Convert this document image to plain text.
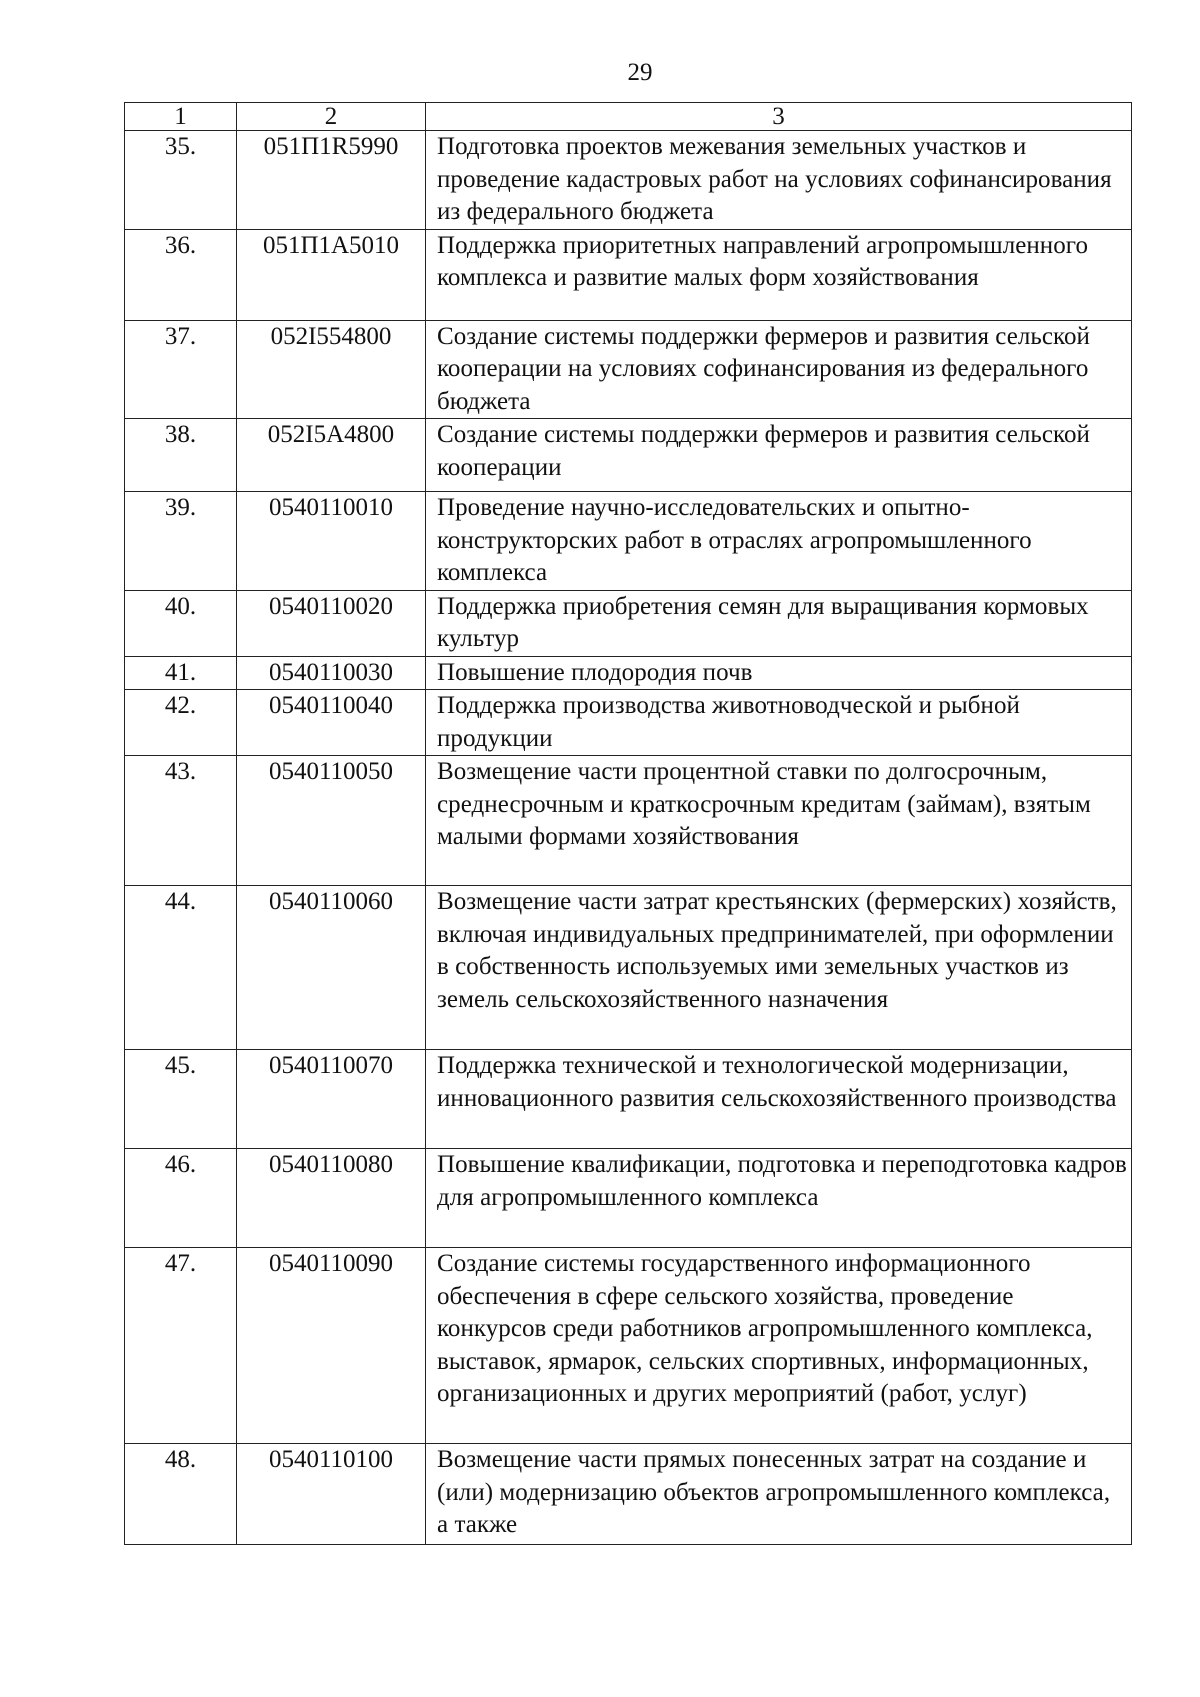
29
1	2	3
35.	051П1R5990	Подготовка проектов межевания земельных участков и проведение кадастровых работ на условиях софинансирования из федерального бюджета
36.	051П1А5010	Поддержка приоритетных направлений агропромышленного комплекса и развитие малых форм хозяйствования
37.	052I554800	Создание системы поддержки фермеров и развития сельской кооперации на условиях софинансирования из федерального бюджета
38.	052I5А4800	Создание системы поддержки фермеров и развития сельской кооперации
39.	0540110010	Проведение научно-исследовательских и опытно-конструкторских работ в отраслях агропромышленного комплекса
40.	0540110020	Поддержка приобретения семян для выращивания кормовых культур
41.	0540110030	Повышение плодородия почв
42.	0540110040	Поддержка производства животноводческой и рыбной продукции
43.	0540110050	Возмещение части процентной ставки по долгосрочным, среднесрочным и краткосрочным кредитам (займам), взятым малыми формами хозяйствования
44.	0540110060	Возмещение части затрат крестьянских (фермерских) хозяйств, включая индивидуальных предпринимателей, при оформлении в собственность используемых ими земельных участков из земель сельскохозяйственного назначения
45.	0540110070	Поддержка технической и технологической модернизации, инновационного развития сельскохозяйственного производства
46.	0540110080	Повышение квалификации, подготовка и переподготовка кадров для агропромышленного комплекса
47.	0540110090	Создание системы государственного информационного обеспечения в сфере сельского хозяйства, проведение конкурсов среди работников агропромышленного комплекса, выставок, ярмарок, сельских спортивных, информационных, организационных и других мероприятий (работ, услуг)
48.	0540110100	Возмещение части прямых понесенных затрат на создание и (или) модернизацию объектов агропромышленного комплекса, а также
